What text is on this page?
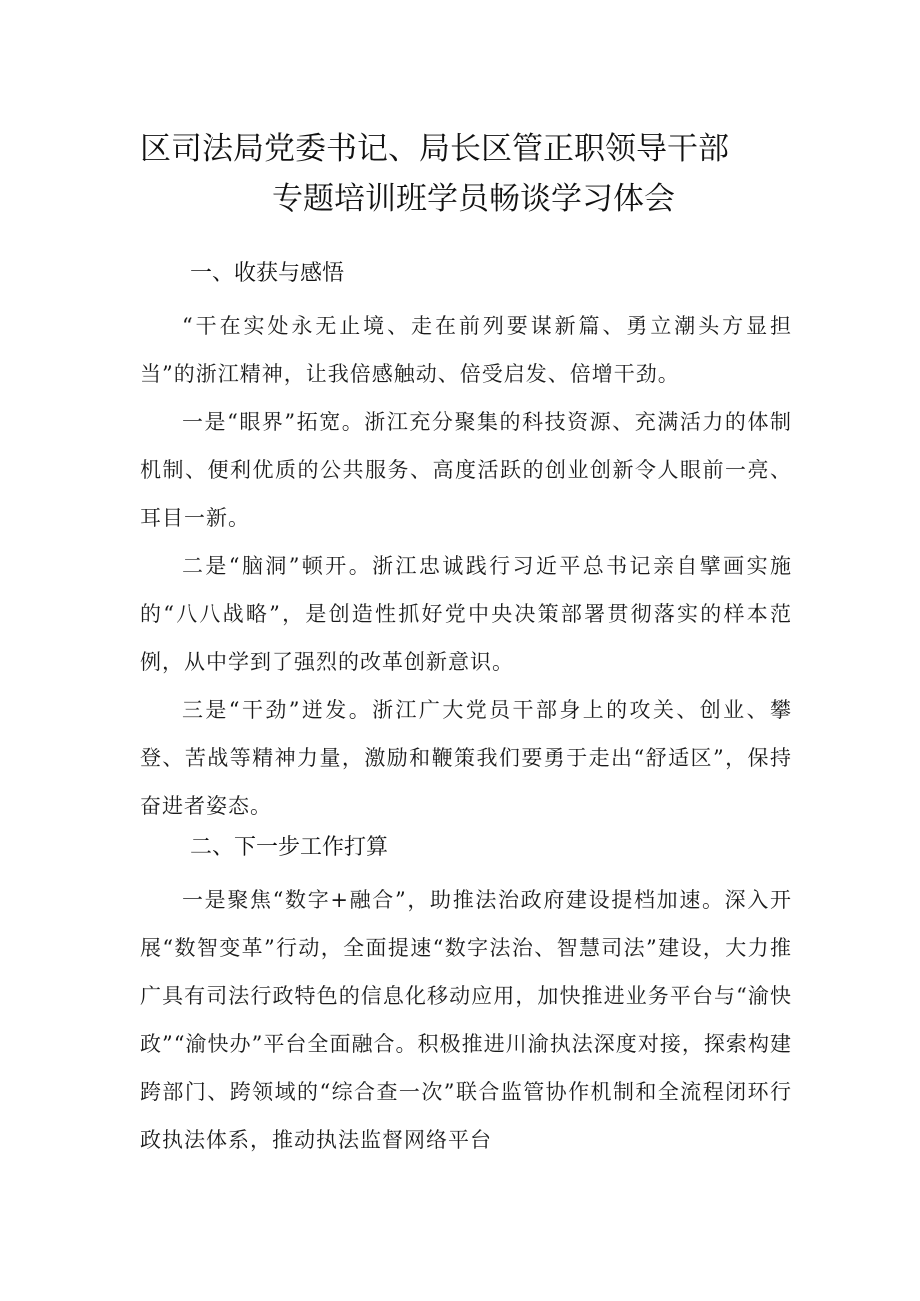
区司法局党委书记、局长区管正职领导干部
专题培训班学员畅谈学习体会
一、收获与感悟
“干在实处永无止境、走在前列要谋新篇、勇立潮头方显担当”的浙江精神，让我倍感触动、倍受启发、倍增干劲。
一是“眼界”拓宽。浙江充分聚集的科技资源、充满活力的体制机制、便利优质的公共服务、高度活跃的创业创新令人眼前一亮、耳目一新。
二是“脑洞”顿开。浙江忠诚践行习近平总书记亲自擘画实施的“八八战略”，是创造性抓好党中央决策部署贯彻落实的样本范例，从中学到了强烈的改革创新意识。
三是“干劲”迸发。浙江广大党员干部身上的攻关、创业、攀登、苦战等精神力量，激励和鞭策我们要勇于走出“舒适区”，保持奋进者姿态。
二、下一步工作打算
一是聚焦“数字+融合”，助推法治政府建设提档加速。深入开展“数智变革”行动，全面提速“数字法治、智慧司法”建设，大力推广具有司法行政特色的信息化移动应用，加快推进业务平台与“渝快政”“渝快办”平台全面融合。积极推进川渝执法深度对接，探索构建跨部门、跨领域的“综合查一次”联合监管协作机制和全流程闭环行政执法体系，推动执法监督网络平台
